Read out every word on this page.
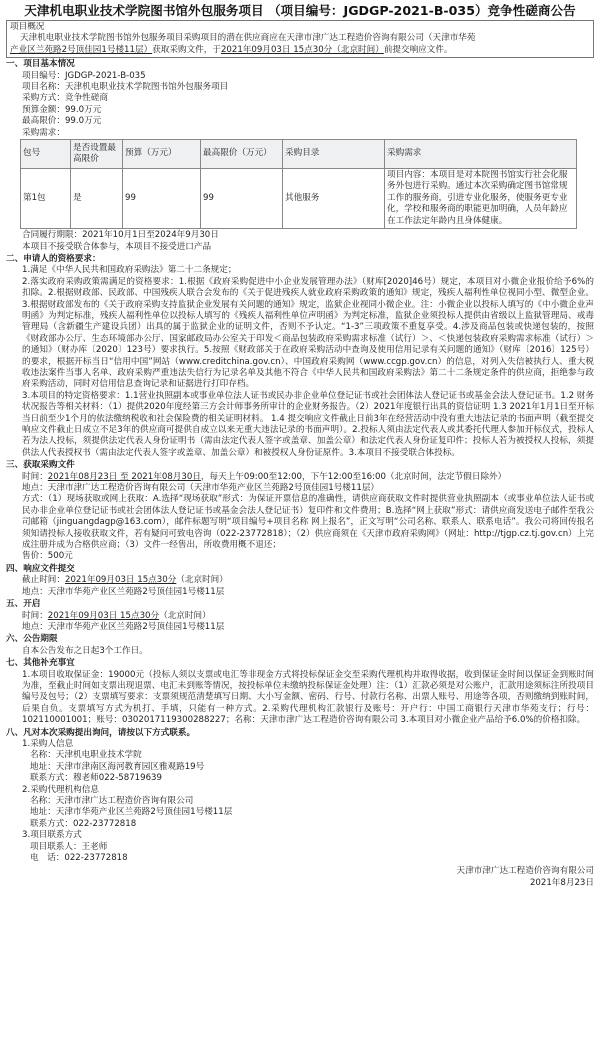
天津机电职业技术学院图书馆外包服务项目 （项目编号：JGDGP-2021-B-035）竞争性磋商公告
项目概况
天津机电职业技术学院图书馆外包服务项目采购项目的潜在供应商应在天津市津广达工程造价咨询有限公司（天津市华苑
产业区兰苑路2号顶佳园1号楼11层）获取采购文件，于2021年09月03日 15点30分（北京时间）前提交响应文件。
一、项目基本情况
项目编号：JGDGP-2021-B-035
项目名称：天津机电职业技术学院图书馆外包服务项目
采购方式：竞争性磋商
预算金额：99.0万元
最高限价：99.0万元
采购需求：
包号	是否设置最高限价	预算（万元）	最高限价（万元）	采购目录	采购需求
第1包	是	99	99	其他服务	项目内容：本项目是对本院图书馆实行社会化服务外包进行采购。通过本次采购确定图书馆常规工作的服务商，引进专业化服务，使服务更专业化，学校和服务商的职能更加明确，人员年龄应在工作法定年龄内且身体健康。
合同履行期限：2021年10月1日至2024年9月30日
本项目不接受联合体参与，本项目不接受进口产品
二、申请人的资格要求：
1.满足《中华人民共和国政府采购法》第二十二条规定；
2.落实政府采购政策需满足的资格要求：1.根据《政府采购促进中小企业发展管理办法》（财库[2020]46号）规定，本项目对小微企业报价给予6%的扣除。2.根据财政部、民政部、中国残疾人联合会发布的《关于促进残疾人就业政府采购政策的通知》规定，残疾人福利性单位视同小型、微型企业。3.根据财政部发布的《关于政府采购支持监狱企业发展有关问题的通知》规定，监狱企业视同小微企业。注：小微企业以投标人填写的《中小微企业声明函》为判定标准，残疾人福利性单位以投标人填写的《残疾人福利性单位声明函》为判定标准，监狱企业须投标人提供由省级以上监狱管理局、戒毒管理局（含新疆生产建设兵团）出具的属于监狱企业的证明文件，否则不予认定。“1-3”三项政策不重复享受。4.涉及商品包装或快递包装的，按照《财政部办公厅、生态环境部办公厅、国家邮政局办公室关于印发＜商品包装政府采购需求标准（试行）＞、＜快递包装政府采购需求标准（试行）＞的通知》（财办库〔2020〕123号）要求执行。5.按照《财政部关于在政府采购活动中查询及使用信用记录有关问题的通知》（财库〔2016〕125号）的要求，根据开标当日“信用中国”网站（www.creditchina.gov.cn）、中国政府采购网（www.ccgp.gov.cn）的信息，对列入失信被执行人、重大税收违法案件当事人名单、政府采购严重违法失信行为记录名单及其他不符合《中华人民共和国政府采购法》第二十二条规定条件的供应商，拒绝参与政府采购活动，同时对信用信息查询记录和证据进行打印存档。
3.本项目的特定资格要求：1.1营业执照副本或事业单位法人证书或民办非企业单位登记证书或社会团体法人登记证书或基金会法人登记证书。1.2 财务状况报告等相关材料：（1）提供2020年度经第三方会计师事务所审计的企业财务报告。（2）2021年度银行出具的资信证明 1.3 2021年1月1日至开标当日前至少1个月的依法缴纳税收和社会保险费的相关证明材料。 1.4 提交响应文件截止日前3年在经营活动中没有重大违法记录的书面声明（截至提交响应文件截止日成立不足3年的供应商可提供自成立以来无重大违法记录的书面声明）。2.投标人须由法定代表人或其委托代理人参加开标仪式，投标人若为法人投标，须提供法定代表人身份证明书（需由法定代表人签字或盖章、加盖公章）和法定代表人身份证复印件；投标人若为被授权人投标，须提供法人代表授权书（需由法定代表人签字或盖章、加盖公章）和被授权人身份证原件。3.本项目不接受联合体投标。
三、获取采购文件
时间：2021年08月23日 至 2021年08月30日，每天上午09:00至12:00，下午12:00至16:00（北京时间，法定节假日除外）
地点：天津市津广达工程造价咨询有限公司（天津市华苑产业区兰苑路2号顶佳园1号楼11层）
方式：（1）现场获取或网上获取：A.选择“现场获取”形式：为保证开票信息的准确性，请供应商获取文件时提供营业执照副本（或事业单位法人证书或民办非企业单位登记证书或社会团体法人登记证书或基金会法人登记证书）复印件和文件费用；B.选择“网上获取”形式：请供应商发送电子邮件至我公司邮箱（jinguangdagp@163.com），邮件标题写明“项目编号+项目名称 网上报名”，正文写明“公司名称、联系人、联系电话”。我公司将回传报名须知请投标人接收获取文件，若有疑问可致电咨询（022-23772818）；（2）供应商须在《天津市政府采购网》（网址：http://tjgp.cz.tj.gov.cn）上完成注册并成为合格供应商；（3）文件一经售出，所收费用概不退还；
售价：500元
四、响应文件提交
截止时间：2021年09月03日 15点30分（北京时间）
地点：天津市华苑产业区兰苑路2号顶佳园1号楼11层
五、开启
时间：2021年09月03日 15点30分（北京时间）
地点：天津市华苑产业区兰苑路2号顶佳园1号楼11层
六、公告期限
自本公告发布之日起3个工作日。
七、其他补充事宜
1.本项目收取保证金：19000元（投标人须以支票或电汇等非现金方式将投标保证金交至采购代理机构并取得收据，收到保证金时间以保证金到账时间为准，至截止时间如支票出现退票、电汇未到账等情况，按投标单位未缴纳投标保证金处理）注：（1）汇款必须是对公账户，汇款用途须标注所投项目编号及包号；（2）支票填写要求：支票须规范清楚填写日期、大小写金额、密码、行号、付款行名称、出票人账号、用途等各项，否则缴纳到账时间，后果自负。支票填写方式为机打、手填，只能有一种方式。2.采购代理机构汇款银行及账号：开户行：中国工商银行天津市华苑支行；行号：102110001001；账号：0302017119300288227；名称：天津市津广达工程造价咨询有限公司 3.本项目对小微企业产品给予6.0%的价格扣除。
八、凡对本次采购提出询问，请按以下方式联系。
1.采购人信息
名称：天津机电职业技术学院
地址：天津市津南区海河教育园区雅观路19号
联系方式：穆老师022-58719639
2.采购代理机构信息
名称：天津市津广达工程造价咨询有限公司
地址：天津市华苑产业区兰苑路2号顶佳园1号楼11层
联系方式：022-23772818
3.项目联系方式
项目联系人：王老师
电　话：022-23772818
天津市津广达工程造价咨询有限公司
2021年8月23日
